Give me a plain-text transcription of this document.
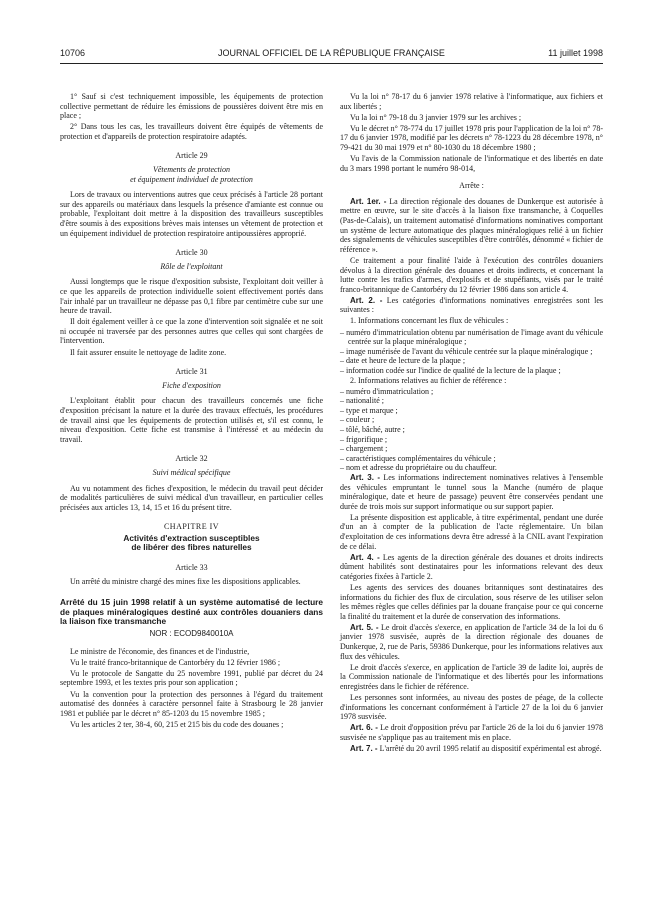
10706	JOURNAL OFFICIEL DE LA RÉPUBLIQUE FRANÇAISE	11 juillet 1998

1° Sauf si c'est techniquement impossible, les équipements de protection collective permettant de réduire les émissions de poussières doivent être mis en place ;

2° Dans tous les cas, les travailleurs doivent être équipés de vêtements de protection et d'appareils de protection respiratoire adaptés.

Article 29
Vêtements de protection
et équipement individuel de protection

Lors de travaux ou interventions autres que ceux précisés à l'article 28 portant sur des appareils ou matériaux dans lesquels la présence d'amiante est connue ou probable, l'exploitant doit mettre à la disposition des travailleurs susceptibles d'être soumis à des expositions brèves mais intenses un vêtement de protection et un équipement individuel de protection respiratoire antipoussières approprié.

Article 30
Rôle de l'exploitant

Aussi longtemps que le risque d'exposition subsiste, l'exploitant doit veiller à ce que les appareils de protection individuelle soient effectivement portés dans l'air inhalé par un travailleur ne dépasse pas 0,1 fibre par centimètre cube sur une heure de travail.

Il doit également veiller à ce que la zone d'intervention soit signalée et ne soit ni occupée ni traversée par des personnes autres que celles qui sont chargées de l'intervention.

Il fait assurer ensuite le nettoyage de ladite zone.

Article 31
Fiche d'exposition

L'exploitant établit pour chacun des travailleurs concernés une fiche d'exposition précisant la nature et la durée des travaux effectués, les procédures de travail ainsi que les équipements de protection utilisés et, s'il est connu, le niveau d'exposition. Cette fiche est transmise à l'intéressé et au médecin du travail.

Article 32
Suivi médical spécifique

Au vu notamment des fiches d'exposition, le médecin du travail peut décider de modalités particulières de suivi médical d'un travailleur, en particulier celles précisées aux articles 13, 14, 15 et 16 du présent titre.

CHAPITRE IV
Activités d'extraction susceptibles
de libérer des fibres naturelles
Article 33

Un arrêté du ministre chargé des mines fixe les dispositions applicables.

Arrêté du 15 juin 1998 relatif à un système automatisé de lecture de plaques minéralogiques destiné aux contrôles douaniers dans la liaison fixe transmanche
NOR : ECOD9840010A

Le ministre de l'économie, des finances et de l'industrie,

Vu le traité franco-britannique de Cantorbéry du 12 février 1986 ;

Vu le protocole de Sangatte du 25 novembre 1991, publié par décret du 24 septembre 1993, et les textes pris pour son application ;

Vu la convention pour la protection des personnes à l'égard du traitement automatisé des données à caractère personnel faite à Strasbourg le 28 janvier 1981 et publiée par le décret n° 85-1203 du 15 novembre 1985 ;

Vu les articles 2 ter, 38-4, 60, 215 et 215 bis du code des douanes ;

Vu la loi n° 78-17 du 6 janvier 1978 relative à l'informatique, aux fichiers et aux libertés ;

Vu la loi n° 79-18 du 3 janvier 1979 sur les archives ;

Vu le décret n° 78-774 du 17 juillet 1978 pris pour l'application de la loi n° 78-17 du 6 janvier 1978, modifié par les décrets n° 78-1223 du 28 décembre 1978, n° 79-421 du 30 mai 1979 et n° 80-1030 du 18 décembre 1980 ;

Vu l'avis de la Commission nationale de l'informatique et des libertés en date du 3 mars 1998 portant le numéro 98-014,

Arrête :

Art. 1er. - La direction régionale des douanes de Dunkerque est autorisée à mettre en œuvre, sur le site d'accès à la liaison fixe transmanche, à Coquelles (Pas-de-Calais), un traitement automatisé d'informations nominatives comportant un système de lecture automatique des plaques minéralogiques relié à un fichier des signalements de véhicules susceptibles d'être contrôlés, dénommé « fichier de référence ».

Ce traitement a pour finalité l'aide à l'exécution des contrôles douaniers dévolus à la direction générale des douanes et droits indirects, et concernant la lutte contre les trafics d'armes, d'explosifs et de stupéfiants, visés par le traité franco-britannique de Cantorbéry du 12 février 1986 dans son article 4.

Art. 2. - Les catégories d'informations nominatives enregistrées sont les suivantes :

1. Informations concernant les flux de véhicules :

– numéro d'immatriculation obtenu par numérisation de l'image avant du véhicule centrée sur la plaque minéralogique ;
– image numérisée de l'avant du véhicule centrée sur la plaque minéralogique ;
– date et heure de lecture de la plaque ;
– information codée sur l'indice de qualité de la lecture de la plaque ;

2. Informations relatives au fichier de référence :

– numéro d'immatriculation ;
– nationalité ;
– type et marque ;
– couleur ;
– tôlé, bâché, autre ;
– frigorifique ;
– chargement ;
– caractéristiques complémentaires du véhicule ;
– nom et adresse du propriétaire ou du chauffeur.

Art. 3. - Les informations indirectement nominatives relatives à l'ensemble des véhicules empruntant le tunnel sous la Manche (numéro de plaque minéralogique, date et heure de passage) peuvent être conservées pendant une durée de trois mois sur support informatique ou sur support papier.

La présente disposition est applicable, à titre expérimental, pendant une durée d'un an à compter de la publication de l'acte réglementaire. Un bilan d'exploitation de ces informations devra être adressé à la CNIL avant l'expiration de ce délai.

Art. 4. - Les agents de la direction générale des douanes et droits indirects dûment habilités sont destinataires pour les informations relevant des deux catégories fixées à l'article 2.

Les agents des services des douanes britanniques sont destinataires des informations du fichier des flux de circulation, sous réserve de les utiliser selon les mêmes règles que celles définies par la douane française pour ce qui concerne la finalité du traitement et la durée de conservation des informations.

Art. 5. - Le droit d'accès s'exerce, en application de l'article 34 de la loi du 6 janvier 1978 susvisée, auprès de la direction régionale des douanes de Dunkerque, 2, rue de Paris, 59386 Dunkerque, pour les informations relatives aux flux des véhicules.

Le droit d'accès s'exerce, en application de l'article 39 de ladite loi, auprès de la Commission nationale de l'informatique et des libertés pour les informations enregistrées dans le fichier de référence.

Les personnes sont informées, au niveau des postes de péage, de la collecte d'informations les concernant conformément à l'article 27 de la loi du 6 janvier 1978 susvisée.

Art. 6. - Le droit d'opposition prévu par l'article 26 de la loi du 6 janvier 1978 susvisée ne s'applique pas au traitement mis en place.

Art. 7. - L'arrêté du 20 avril 1995 relatif au dispositif expérimental est abrogé.
